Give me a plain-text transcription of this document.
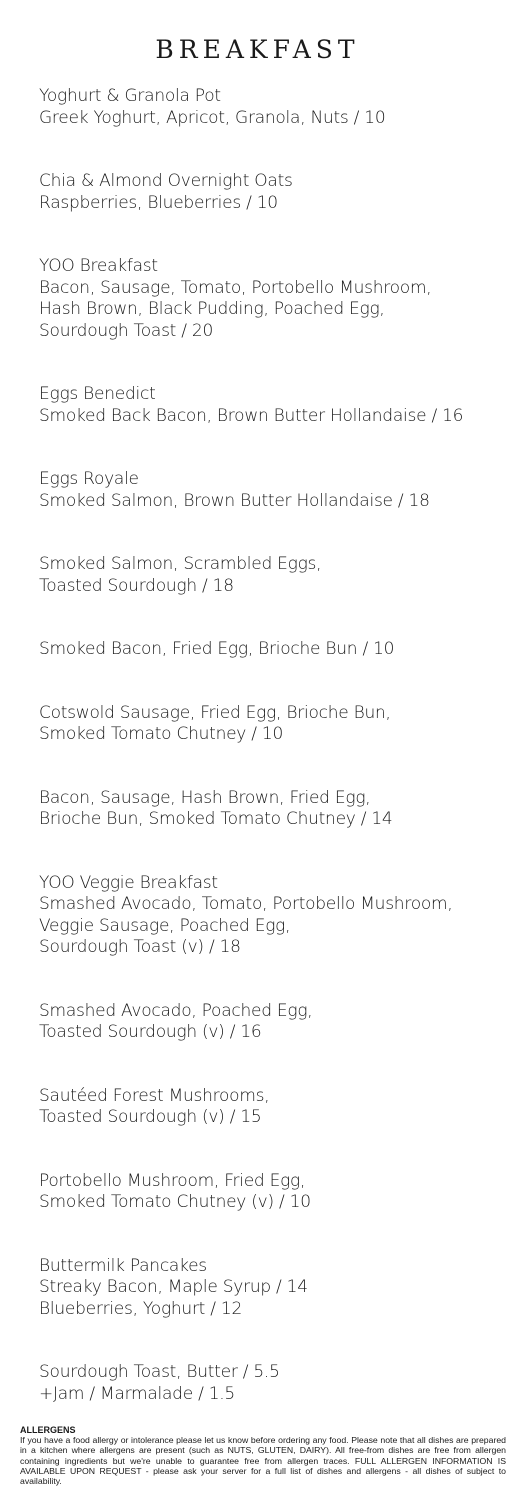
BREAKFAST
Yoghurt & Granola Pot
Greek Yoghurt, Apricot, Granola, Nuts / 10
Chia & Almond Overnight Oats
Raspberries, Blueberries / 10
YOO Breakfast
Bacon, Sausage, Tomato, Portobello Mushroom,
Hash Brown, Black Pudding, Poached Egg,
Sourdough Toast / 20
Eggs Benedict
Smoked Back Bacon, Brown Butter Hollandaise / 16
Eggs Royale
Smoked Salmon, Brown Butter Hollandaise / 18
Smoked Salmon, Scrambled Eggs,
Toasted Sourdough / 18
Smoked Bacon, Fried Egg, Brioche Bun / 10
Cotswold Sausage, Fried Egg, Brioche Bun,
Smoked Tomato Chutney / 10
Bacon, Sausage, Hash Brown, Fried Egg,
Brioche Bun, Smoked Tomato Chutney / 14
YOO Veggie Breakfast
Smashed Avocado, Tomato, Portobello Mushroom,
Veggie Sausage, Poached Egg,
Sourdough Toast (v) / 18
Smashed Avocado, Poached Egg,
Toasted Sourdough (v) / 16
Sautéed Forest Mushrooms,
Toasted Sourdough (v) / 15
Portobello Mushroom, Fried Egg,
Smoked Tomato Chutney (v) / 10
Buttermilk Pancakes
Streaky Bacon, Maple Syrup / 14
Blueberries, Yoghurt / 12
Sourdough Toast, Butter / 5.5
+Jam / Marmalade / 1.5
ALLERGENS
If you have a food allergy or intolerance please let us know before ordering any food. Please note that all dishes are prepared in a kitchen where allergens are present (such as NUTS, GLUTEN, DAIRY). All free-from dishes are free from allergen containing ingredients but we're unable to guarantee free from allergen traces. FULL ALLERGEN INFORMATION IS AVAILABLE UPON REQUEST - please ask your server for a full list of dishes and allergens - all dishes of subject to availability.
